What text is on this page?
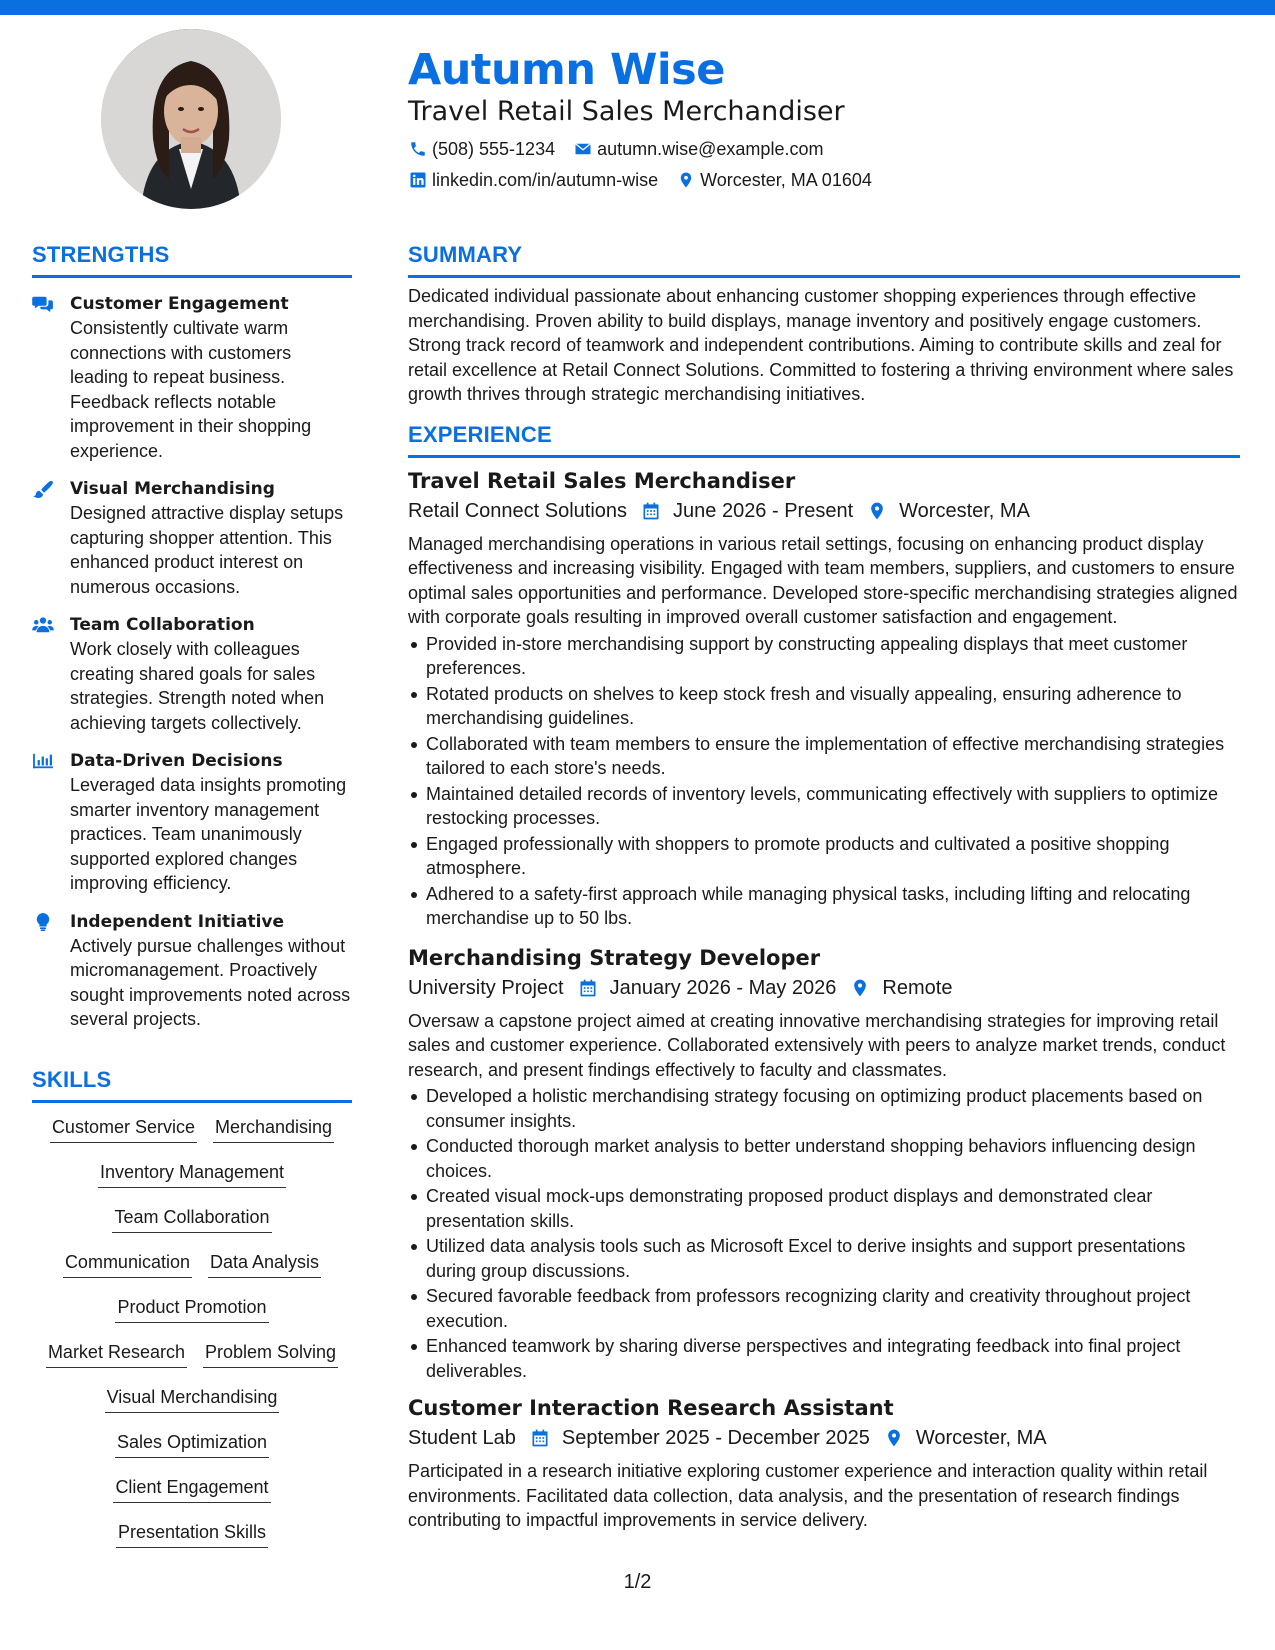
Autumn Wise
Travel Retail Sales Merchandiser
(508) 555-1234 autumn.wise@example.com
linkedin.com/in/autumn-wise Worcester, MA 01604
STRENGTHS
Customer Engagement
Consistently cultivate warm connections with customers leading to repeat business. Feedback reflects notable improvement in their shopping experience.
Visual Merchandising
Designed attractive display setups capturing shopper attention. This enhanced product interest on numerous occasions.
Team Collaboration
Work closely with colleagues creating shared goals for sales strategies. Strength noted when achieving targets collectively.
Data-Driven Decisions
Leveraged data insights promoting smarter inventory management practices. Team unanimously supported explored changes improving efficiency.
Independent Initiative
Actively pursue challenges without micromanagement. Proactively sought improvements noted across several projects.
SKILLS
Customer Service Merchandising
Inventory Management
Team Collaboration
Communication Data Analysis
Product Promotion
Market Research Problem Solving
Visual Merchandising
Sales Optimization
Client Engagement
Presentation Skills
SUMMARY
Dedicated individual passionate about enhancing customer shopping experiences through effective merchandising. Proven ability to build displays, manage inventory and positively engage customers. Strong track record of teamwork and independent contributions. Aiming to contribute skills and zeal for retail excellence at Retail Connect Solutions. Committed to fostering a thriving environment where sales growth thrives through strategic merchandising initiatives.
EXPERIENCE
Travel Retail Sales Merchandiser
Retail Connect Solutions June 2026 - Present Worcester, MA
Managed merchandising operations in various retail settings, focusing on enhancing product display effectiveness and increasing visibility. Engaged with team members, suppliers, and customers to ensure optimal sales opportunities and performance. Developed store-specific merchandising strategies aligned with corporate goals resulting in improved overall customer satisfaction and engagement.
Provided in-store merchandising support by constructing appealing displays that meet customer preferences.
Rotated products on shelves to keep stock fresh and visually appealing, ensuring adherence to merchandising guidelines.
Collaborated with team members to ensure the implementation of effective merchandising strategies tailored to each store's needs.
Maintained detailed records of inventory levels, communicating effectively with suppliers to optimize restocking processes.
Engaged professionally with shoppers to promote products and cultivated a positive shopping atmosphere.
Adhered to a safety-first approach while managing physical tasks, including lifting and relocating merchandise up to 50 lbs.
Merchandising Strategy Developer
University Project January 2026 - May 2026 Remote
Oversaw a capstone project aimed at creating innovative merchandising strategies for improving retail sales and customer experience. Collaborated extensively with peers to analyze market trends, conduct research, and present findings effectively to faculty and classmates.
Developed a holistic merchandising strategy focusing on optimizing product placements based on consumer insights.
Conducted thorough market analysis to better understand shopping behaviors influencing design choices.
Created visual mock-ups demonstrating proposed product displays and demonstrated clear presentation skills.
Utilized data analysis tools such as Microsoft Excel to derive insights and support presentations during group discussions.
Secured favorable feedback from professors recognizing clarity and creativity throughout project execution.
Enhanced teamwork by sharing diverse perspectives and integrating feedback into final project deliverables.
Customer Interaction Research Assistant
Student Lab September 2025 - December 2025 Worcester, MA
Participated in a research initiative exploring customer experience and interaction quality within retail environments. Facilitated data collection, data analysis, and the presentation of research findings contributing to impactful improvements in service delivery.
1/2
